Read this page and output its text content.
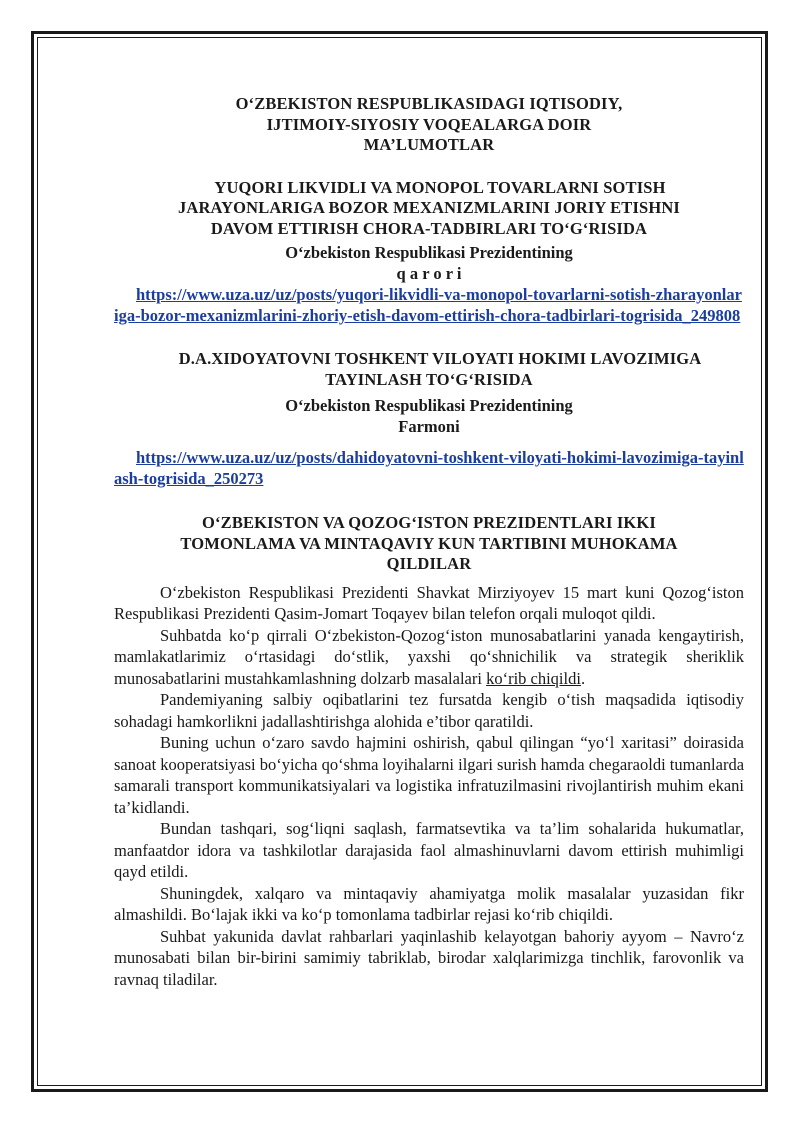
O‘ZBEKISTON RESPUBLIKASIDAGI IQTISODIY,

IJTIMOIY-SIYOSIY VOQEALARGA DOIR

MA’LUMOTLAR

YUQORI LIKVIDLI VA MONOPOL TOVARLARNI SOTISH

JARAYONLARIGA BOZOR MEXANIZMLARINI JORIY ETISHNI

DAVOM ETTIRISH CHORA-TADBIRLARI TO‘G‘RISIDA

O‘zbekiston Respublikasi Prezidentining

q a r o r i

https://www.uza.uz/uz/posts/yuqori-likvidli-va-monopol-tovarlarni-sotish-zharayonlariga-bozor-mexanizmlarini-zhoriy-etish-davom-ettirish-chora-tadbirlari-togrisida_249808

D.A.XIDOYATOVNI TOSHKENT VILOYATI HOKIMI LAVOZIMIGA

TAYINLASH TO‘G‘RISIDA

O‘zbekiston Respublikasi Prezidentining

Farmoni

https://www.uza.uz/uz/posts/dahidoyatovni-toshkent-viloyati-hokimi-lavozimiga-tayinlash-togrisida_250273

O‘ZBEKISTON VA QOZOG‘ISTON PREZIDENTLARI IKKI

TOMONLAMA VA MINTAQAVIY KUN TARTIBINI MUHOKAMA

QILDILAR

O‘zbekiston Respublikasi Prezidenti Shavkat Mirziyoyev 15 mart kuni Qozog‘iston Respublikasi Prezidenti Qasim-Jomart Toqayev bilan telefon orqali muloqot qildi.

Suhbatda ko‘p qirrali O‘zbekiston-Qozog‘iston munosabatlarini yanada kengaytirish, mamlakatlarimiz o‘rtasidagi do‘stlik, yaxshi qo‘shnichilik va strategik sheriklik munosabatlarini mustahkamlashning dolzarb masalalari ko‘rib chiqildi.

Pandemiyaning salbiy oqibatlarini tez fursatda kengib o‘tish maqsadida iqtisodiy sohadagi hamkorlikni jadallashtirishga alohida e’tibor qaratildi.

Buning uchun o‘zaro savdo hajmini oshirish, qabul qilingan “yo‘l xaritasi” doirasida sanoat kooperatsiyasi bo‘yicha qo‘shma loyihalarni ilgari surish hamda chegaraoldi tumanlarda samarali transport kommunikatsiyalari va logistika infratuzilmasini rivojlantirish muhim ekani ta’kidlandi.

Bundan tashqari, sog‘liqni saqlash, farmatsevtika va ta’lim sohalarida hukumatlar, manfaatdor idora va tashkilotlar darajasida faol almashinuvlarni davom ettirish muhimligi qayd etildi.

Shuningdek, xalqaro va mintaqaviy ahamiyatga molik masalalar yuzasidan fikr almashildi. Bo‘lajak ikki va ko‘p tomonlama tadbirlar rejasi ko‘rib chiqildi.

Suhbat yakunida davlat rahbarlari yaqinlashib kelayotgan bahoriy ayyom – Navro‘z munosabati bilan bir-birini samimiy tabriklab, birodar xalqlarimizga tinchlik, farovonlik va ravnaq tiladilar.
